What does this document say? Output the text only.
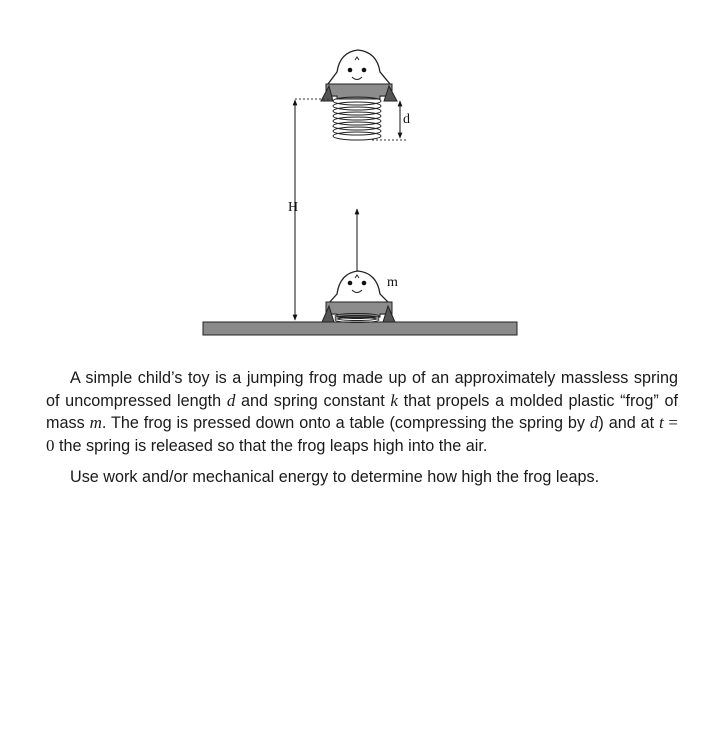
d
H
m

A simple child’s toy is a jumping frog made up of an approximately massless spring of uncompressed length d and spring constant k that propels a molded plastic “frog” of mass m. The frog is pressed down onto a table (compressing the spring by d) and at t = 0 the spring is released so that the frog leaps high into the air.

Use work and/or mechanical energy to determine how high the frog leaps.
